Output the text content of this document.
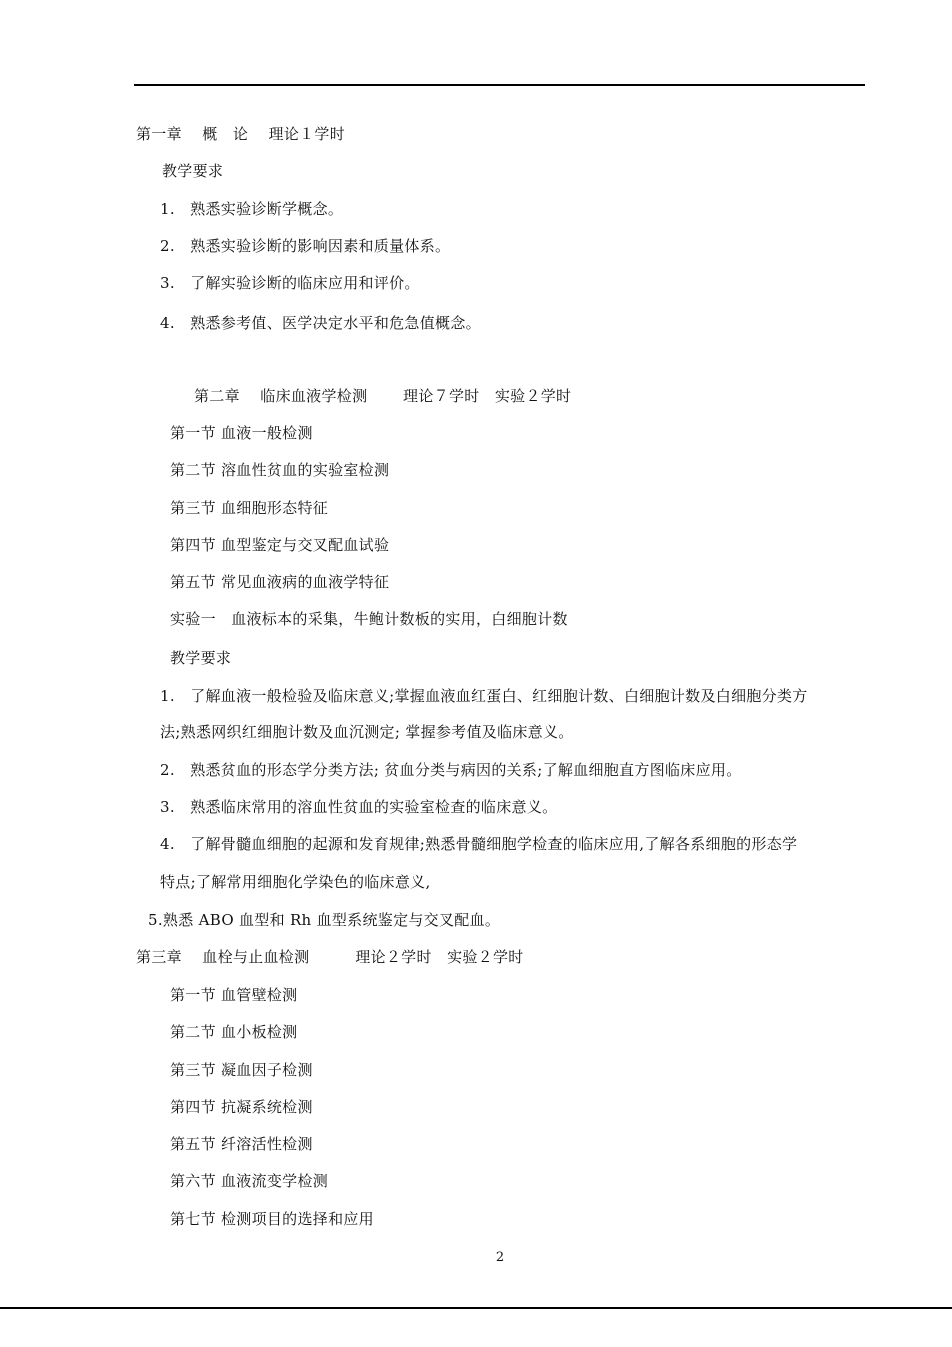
第一章　 概　论　 理论１学时
教学要求
1.　熟悉实验诊断学概念。
2.　熟悉实验诊断的影响因素和质量体系。
3.　了解实验诊断的临床应用和评价。
4.　熟悉参考值、医学决定水平和危急值概念。
第二章　 临床血液学检测　　 理论７学时　实验２学时
第一节 血液一般检测
第二节 溶血性贫血的实验室检测
第三节 血细胞形态特征
第四节 血型鉴定与交叉配血试验
第五节 常见血液病的血液学特征
实验一　血液标本的采集，牛鲍计数板的实用，白细胞计数
教学要求
1.　了解血液一般检验及临床意义;掌握血液血红蛋白、红细胞计数、白细胞计数及白细胞分类方
法;熟悉网织红细胞计数及血沉测定; 掌握参考值及临床意义。
2.　熟悉贫血的形态学分类方法; 贫血分类与病因的关系;了解血细胞直方图临床应用。
3.　熟悉临床常用的溶血性贫血的实验室检查的临床意义。
4.　了解骨髓血细胞的起源和发育规律;熟悉骨髓细胞学检查的临床应用,了解各系细胞的形态学
特点;了解常用细胞化学染色的临床意义,
5.熟悉 ABO 血型和 Rh 血型系统鉴定与交叉配血。
第三章　 血栓与止血检测　　　理论２学时　实验２学时
第一节 血管壁检测
第二节 血小板检测
第三节 凝血因子检测
第四节 抗凝系统检测
第五节 纤溶活性检测
第六节 血液流变学检测
第七节 检测项目的选择和应用
2
